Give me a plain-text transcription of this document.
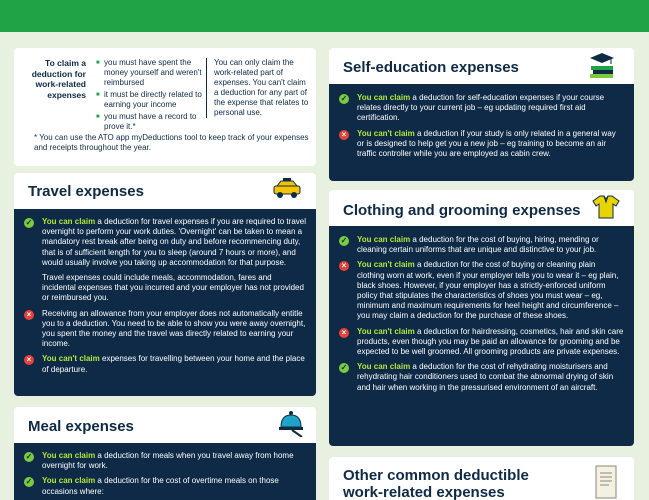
To claim a deduction for work-related expenses
■ you must have spent the money yourself and weren't reimbursed
■ it must be directly related to earning your income
■ you must have a record to prove it.*
You can only claim the work-related part of expenses. You can't claim a deduction for any part of the expense that relates to personal use.
* You can use the ATO app myDeductions tool to keep track of your expenses and receipts throughout the year.
Travel expenses
✓ You can claim a deduction for travel expenses if you are required to travel overnight to perform your work duties. 'Overnight' can be taken to mean a mandatory rest break after being on duty and before recommencing duty, that is of sufficient length for you to sleep (around 7 hours or more), and would usually involve you taking up accommodation for that purpose.
Travel expenses could include meals, accommodation, fares and incidental expenses that you incurred and your employer has not provided or reimbursed you.
×	Receiving an allowance from your employer does not automatically entitle you to a deduction. You need to be able to show you were away overnight, you spent the money and the travel was directly related to earning your income.
×	You can't claim expenses for travelling between your home and the place of departure.
Meal expenses
✓ You can claim a deduction for meals when you travel away from home overnight for work.
✓ You can claim a deduction for the cost of overtime meals on those occasions where:
Self-education expenses
✓ You can claim a deduction for self-education expenses if your course relates directly to your current job – eg updating required first aid certification.
×	You can't claim a deduction if your study is only related in a general way or is designed to help get you a new job – eg training to become an air traffic controller while you are employed as cabin crew.
Clothing and grooming expenses
✓ You can claim a deduction for the cost of buying, hiring, mending or cleaning certain uniforms that are unique and distinctive to your job.
×	You can't claim a deduction for the cost of buying or cleaning plain clothing worn at work, even if your employer tells you to wear it – eg plain, black shoes. However, if your employer has a strictly-enforced uniform policy that stipulates the characteristics of shoes you must wear – eg, minimum and maximum requirements for heel height and circumference –
you may claim a deduction for the purchase of these shoes.
×	You can't claim a deduction for hairdressing, cosmetics, hair and skin care products, even though you may be paid an allowance for grooming and be expected to be well groomed. All grooming products are private expenses.
✓ You can claim a deduction for the cost of rehydrating moisturisers and rehydrating hair conditioners used to combat the abnormal drying of skin and hair when working in the pressurised environment of an aircraft.
Other common deductible work-related expenses
